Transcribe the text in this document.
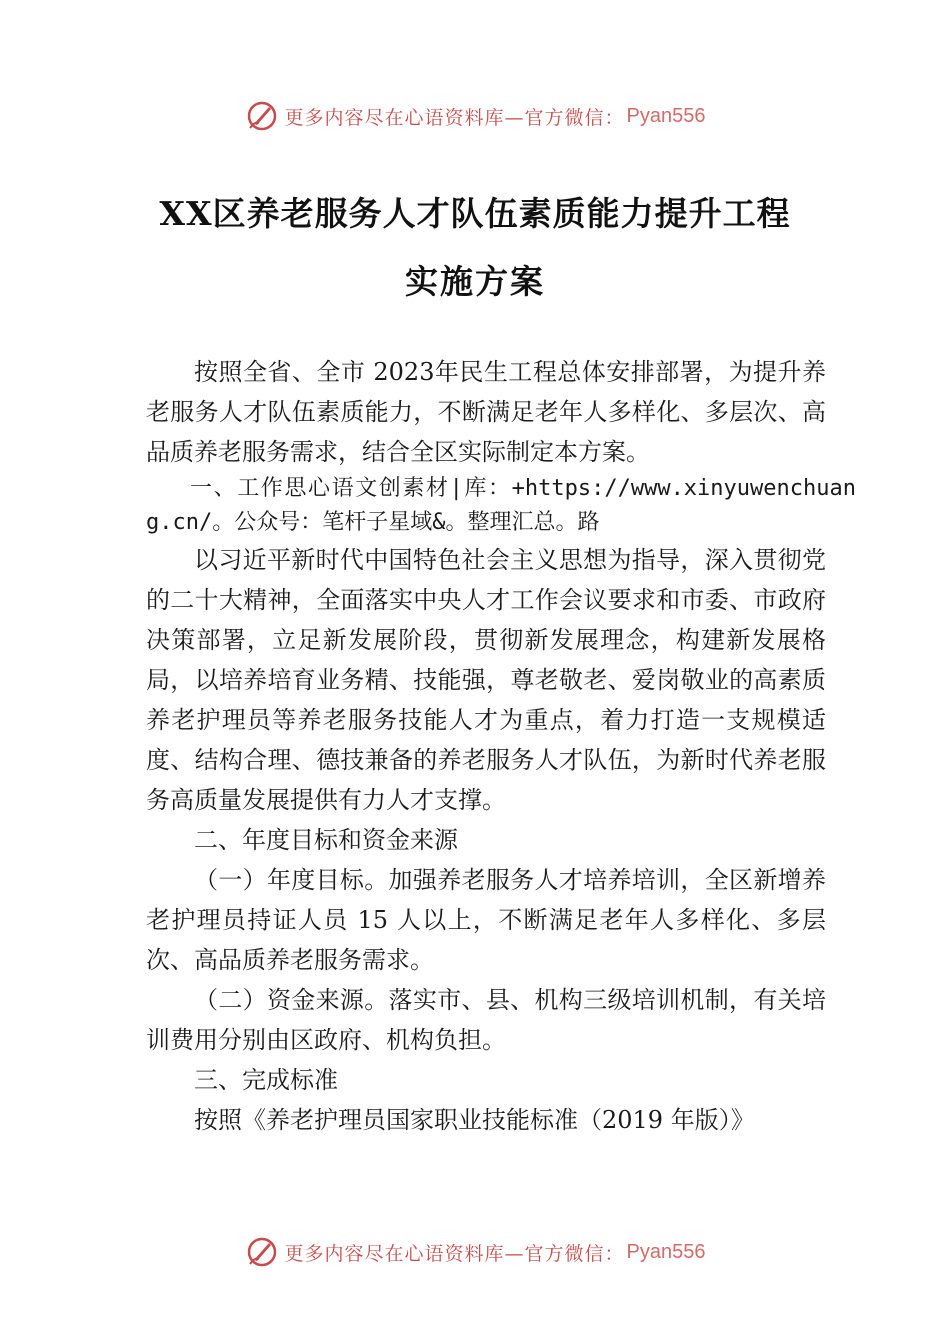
更多内容尽在心语资料库—官方微信： Pyan556
XX区养老服务人才队伍素质能力提升工程
实施方案

按照全省、全市 2023年民生工程总体安排部署，为提升养老服务人才队伍素质能力，不断满足老年人多样化、多层次、高品质养老服务需求，结合全区实际制定本方案。

一、工作思心语文创素材|库：+https://www.xinyuwenchuang.cn/。公众号：笔杆子星域&。整理汇总。路

以习近平新时代中国特色社会主义思想为指导，深入贯彻党的二十大精神，全面落实中央人才工作会议要求和市委、市政府决策部署，立足新发展阶段，贯彻新发展理念，构建新发展格局，以培养培育业务精、技能强，尊老敬老、爱岗敬业的高素质养老护理员等养老服务技能人才为重点，着力打造一支规模适度、结构合理、德技兼备的养老服务人才队伍，为新时代养老服务高质量发展提供有力人才支撑。

二、年度目标和资金来源

（一）年度目标。加强养老服务人才培养培训，全区新增养老护理员持证人员 15 人以上，不断满足老年人多样化、多层次、高品质养老服务需求。

（二）资金来源。落实市、县、机构三级培训机制，有关培训费用分别由区政府、机构负担。

三、完成标准

按照《养老护理员国家职业技能标准（2019 年版）》

更多内容尽在心语资料库—官方微信： Pyan556
